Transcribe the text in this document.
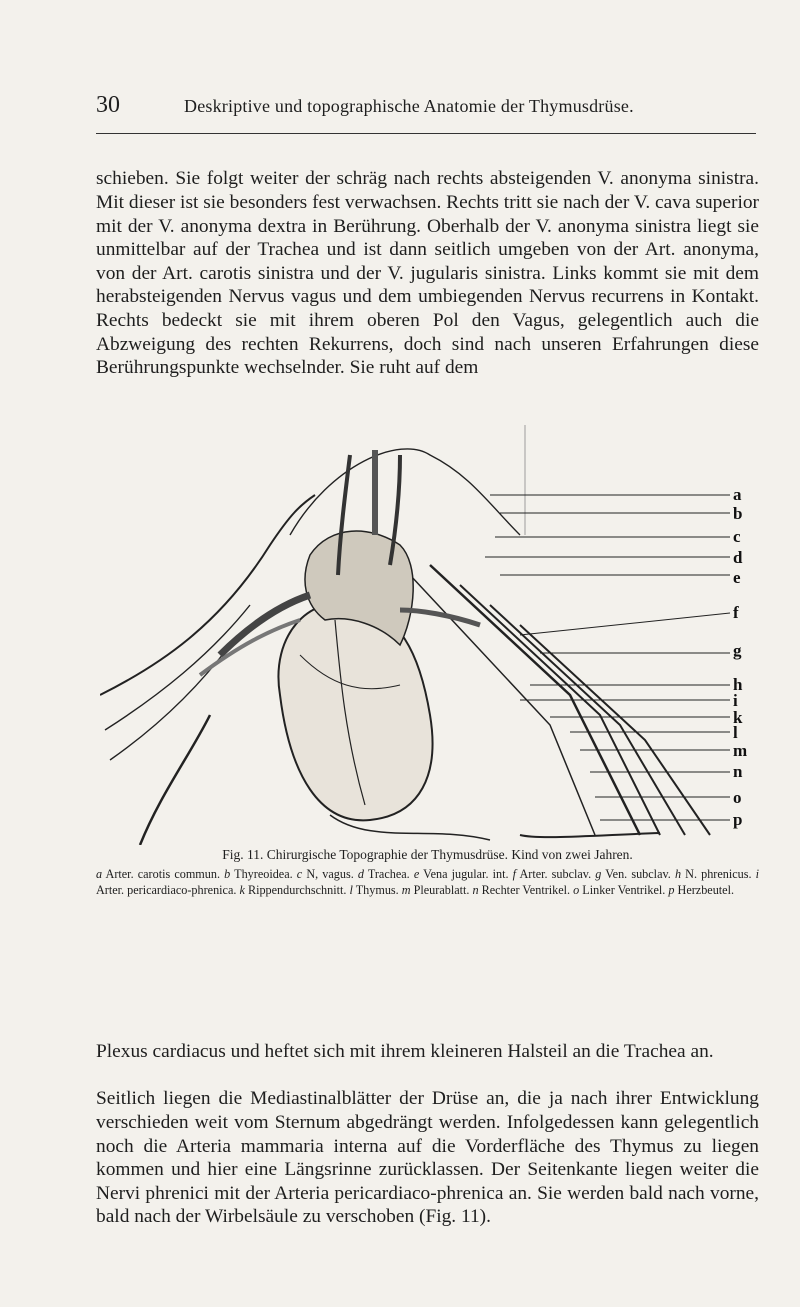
30	Deskriptive und topographische Anatomie der Thymusdrüse.

schieben. Sie folgt weiter der schräg nach rechts absteigenden V. anonyma sinistra. Mit dieser ist sie besonders fest verwachsen. Rechts tritt sie nach der V. cava superior mit der V. anonyma dextra in Berührung. Oberhalb der V. anonyma sinistra liegt sie unmittelbar auf der Trachea und ist dann seitlich umgeben von der Art. anonyma, von der Art. carotis sinistra und der V. jugularis sinistra. Links kommt sie mit dem herabsteigenden Nervus vagus und dem umbiegenden Nervus recurrens in Kontakt. Rechts bedeckt sie mit ihrem oberen Pol den Vagus, gelegentlich auch die Abzweigung des rechten Rekurrens, doch sind nach unseren Erfahrungen diese Berührungspunkte wechselnder. Sie ruht auf dem

a
b
c
d
e
f
g
h
i
k
l
m
n
o
p

Fig. 11. Chirurgische Topographie der Thymusdrüse. Kind von zwei Jahren.

a Arter. carotis commun. b Thyreoidea. c N, vagus. d Trachea. e Vena jugular. int. f Arter. subclav. g Ven. subclav. h N. phrenicus. i Arter. pericardiaco-phrenica. k Rippendurchschnitt. l Thymus. m Pleurablatt. n Rechter Ventrikel. o Linker Ventrikel. p Herzbeutel.

Plexus cardiacus und heftet sich mit ihrem kleineren Halsteil an die Trachea an.

Seitlich liegen die Mediastinalblätter der Drüse an, die ja nach ihrer Entwicklung verschieden weit vom Sternum abgedrängt werden. Infolgedessen kann gelegentlich noch die Arteria mammaria interna auf die Vorderfläche des Thymus zu liegen kommen und hier eine Längsrinne zurücklassen. Der Seitenkante liegen weiter die Nervi phrenici mit der Arteria pericardiaco-phrenica an. Sie werden bald nach vorne, bald nach der Wirbelsäule zu verschoben (Fig. 11).
